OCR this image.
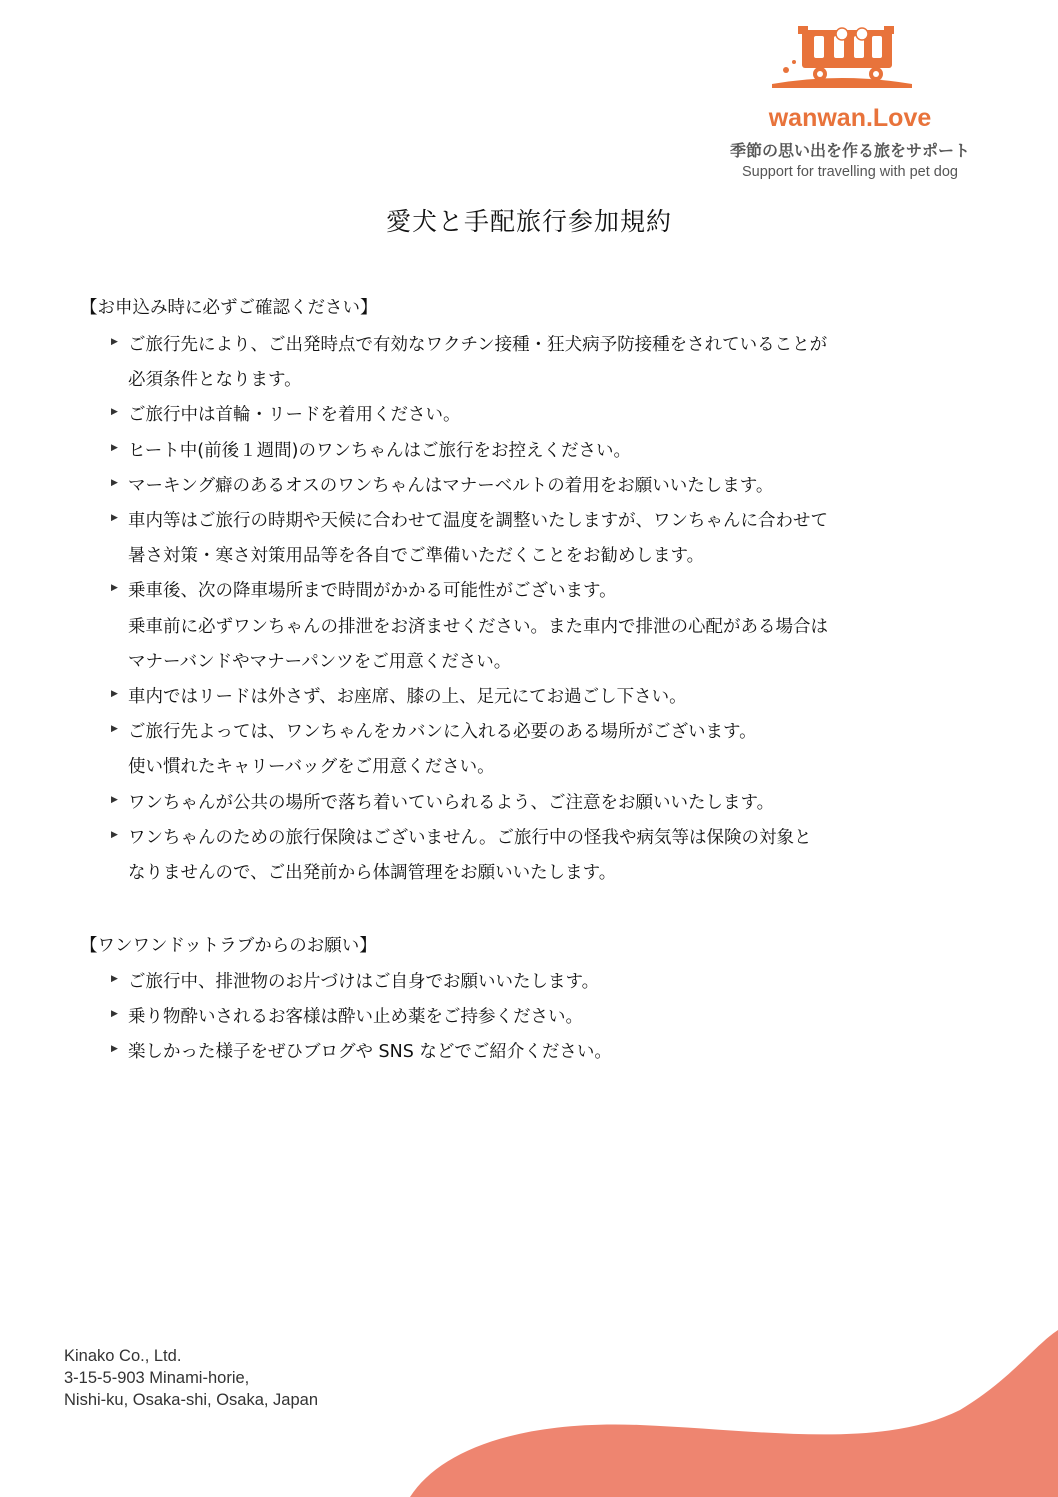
wanwan.Love
季節の思い出を作る旅をサポート
Support for travelling with pet dog
愛犬と手配旅行参加規約
【お申込み時に必ずご確認ください】
▶ ご旅行先により、ご出発時点で有効なワクチン接種・狂犬病予防接種をされていることが
必須条件となります。
▶ ご旅行中は首輪・リードを着用ください。
▶ ヒート中(前後１週間)のワンちゃんはご旅行をお控えください。
▶ マーキング癖のあるオスのワンちゃんはマナーベルトの着用をお願いいたします。
▶ 車内等はご旅行の時期や天候に合わせて温度を調整いたしますが、ワンちゃんに合わせて
暑さ対策・寒さ対策用品等を各自でご準備いただくことをお勧めします。
▶ 乗車後、次の降車場所まで時間がかかる可能性がございます。
乗車前に必ずワンちゃんの排泄をお済ませください。また車内で排泄の心配がある場合は
マナーバンドやマナーパンツをご用意ください。
▶ 車内ではリードは外さず、お座席、膝の上、足元にてお過ごし下さい。
▶ ご旅行先よっては、ワンちゃんをカバンに入れる必要のある場所がございます。
使い慣れたキャリーバッグをご用意ください。
▶ ワンちゃんが公共の場所で落ち着いていられるよう、ご注意をお願いいたします。
▶ ワンちゃんのための旅行保険はございません。ご旅行中の怪我や病気等は保険の対象と
なりませんので、ご出発前から体調管理をお願いいたします。
【ワンワンドットラブからのお願い】
▶ ご旅行中、排泄物のお片づけはご自身でお願いいたします。
▶ 乗り物酔いされるお客様は酔い止め薬をご持参ください。
▶ 楽しかった様子をぜひブログや SNS などでご紹介ください。
Kinako Co., Ltd.
3-15-5-903 Minami-horie,
Nishi-ku, Osaka-shi, Osaka, Japan
